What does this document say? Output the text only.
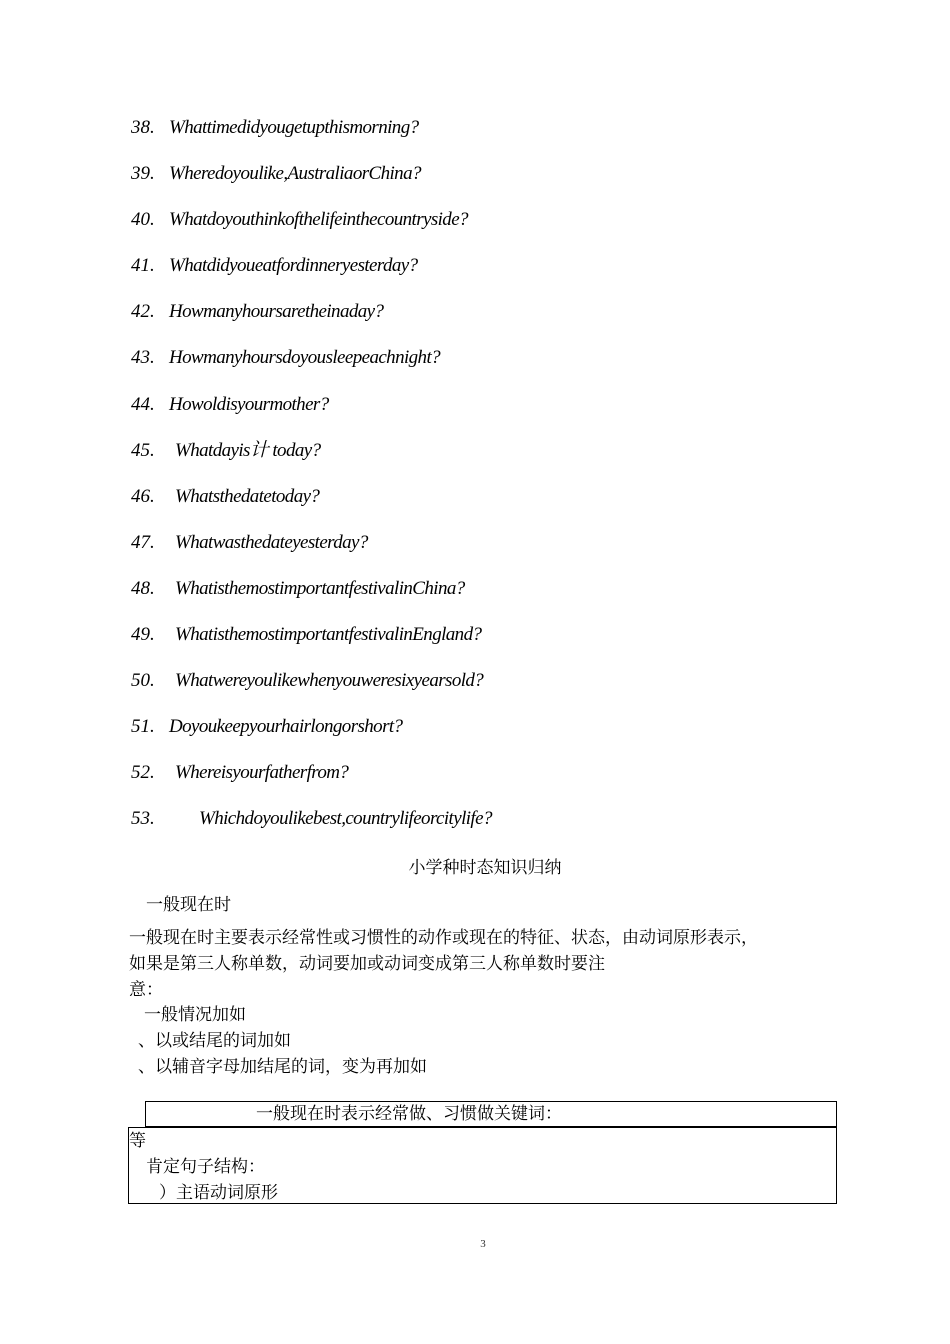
38. Whattimedidyougetupthismorning?
39. Wheredoyoulike,AustraliaorChina?
40. Whatdoyouthinkofthelifeinthecountryside?
41. Whatdidyoueatfordinneryesterday?
42. Howmanyhoursaretheinaday?
43. Howmanyhoursdoyousleepeachnight?
44. Howoldisyourmother?
45.	Whatdayis计 today?
46.	Whatsthedatetoday?
47.	Whatwasthedateyesterday?
48.	WhatisthemostimportantfestivalinChina?
49.	WhatisthemostimportantfestivalinEngland?
50.	Whatwereyoulikewhenyouweresixyearsold?
51. Doyoukeepyourhairlongorshort?
52.	Whereisyourfatherfrom?
53.	Whichdoyoulikebest,countrylifeorcitylife?
小学种时态知识归纳
一般现在时
一般现在时主要表示经常性或习惯性的动作或现在的特征、状态，由动词原形表示，
如果是第三人称单数，动词要加或动词变成第三人称单数时要注
意：
一般情况加如
、以或结尾的词加如
、以辅音字母加结尾的词，变为再加如
一般现在时表示经常做、习惯做关键词：
等
肯定句子结构：
）主语动词原形
3
